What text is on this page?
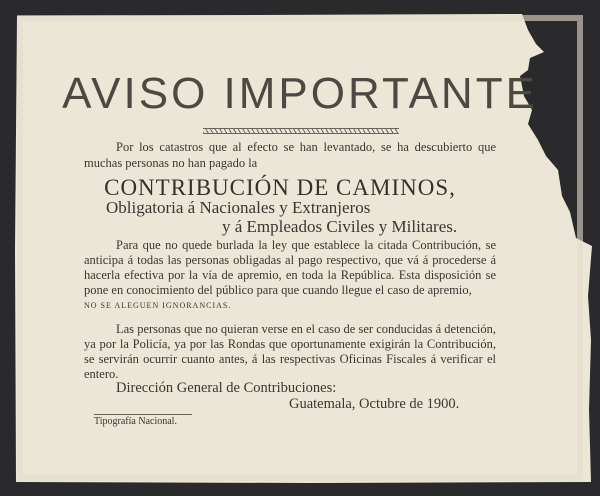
AVISO IMPORTANTE

Por los catastros que al efecto se han levantado, se ha descubierto que muchas personas no han pagado la

CONTRIBUCIÓN DE CAMINOS,
Obligatoria á Nacionales y Extranjeros
y á Empleados Civiles y Militares.

Para que no quede burlada la ley que establece la citada Contribución, se anticipa á todas las personas obligadas al pago respectivo, que vá á procederse á hacerla efectiva por la vía de apremio, en toda la República. Esta disposición se pone en conocimiento del público para que cuando llegue el caso de apremio,

NO SE ALEGUEN IGNORANCIAS.

Las personas que no quieran verse en el caso de ser conducidas á detención, ya por la Policía, ya por las Rondas que oportunamente exigirán la Contribución, se servirán ocurrir cuanto antes, á las respectivas Oficinas Fiscales á verificar el entero.

Dirección General de Contribuciones:
Guatemala, Octubre de 1900.
Tipografía Nacional.
